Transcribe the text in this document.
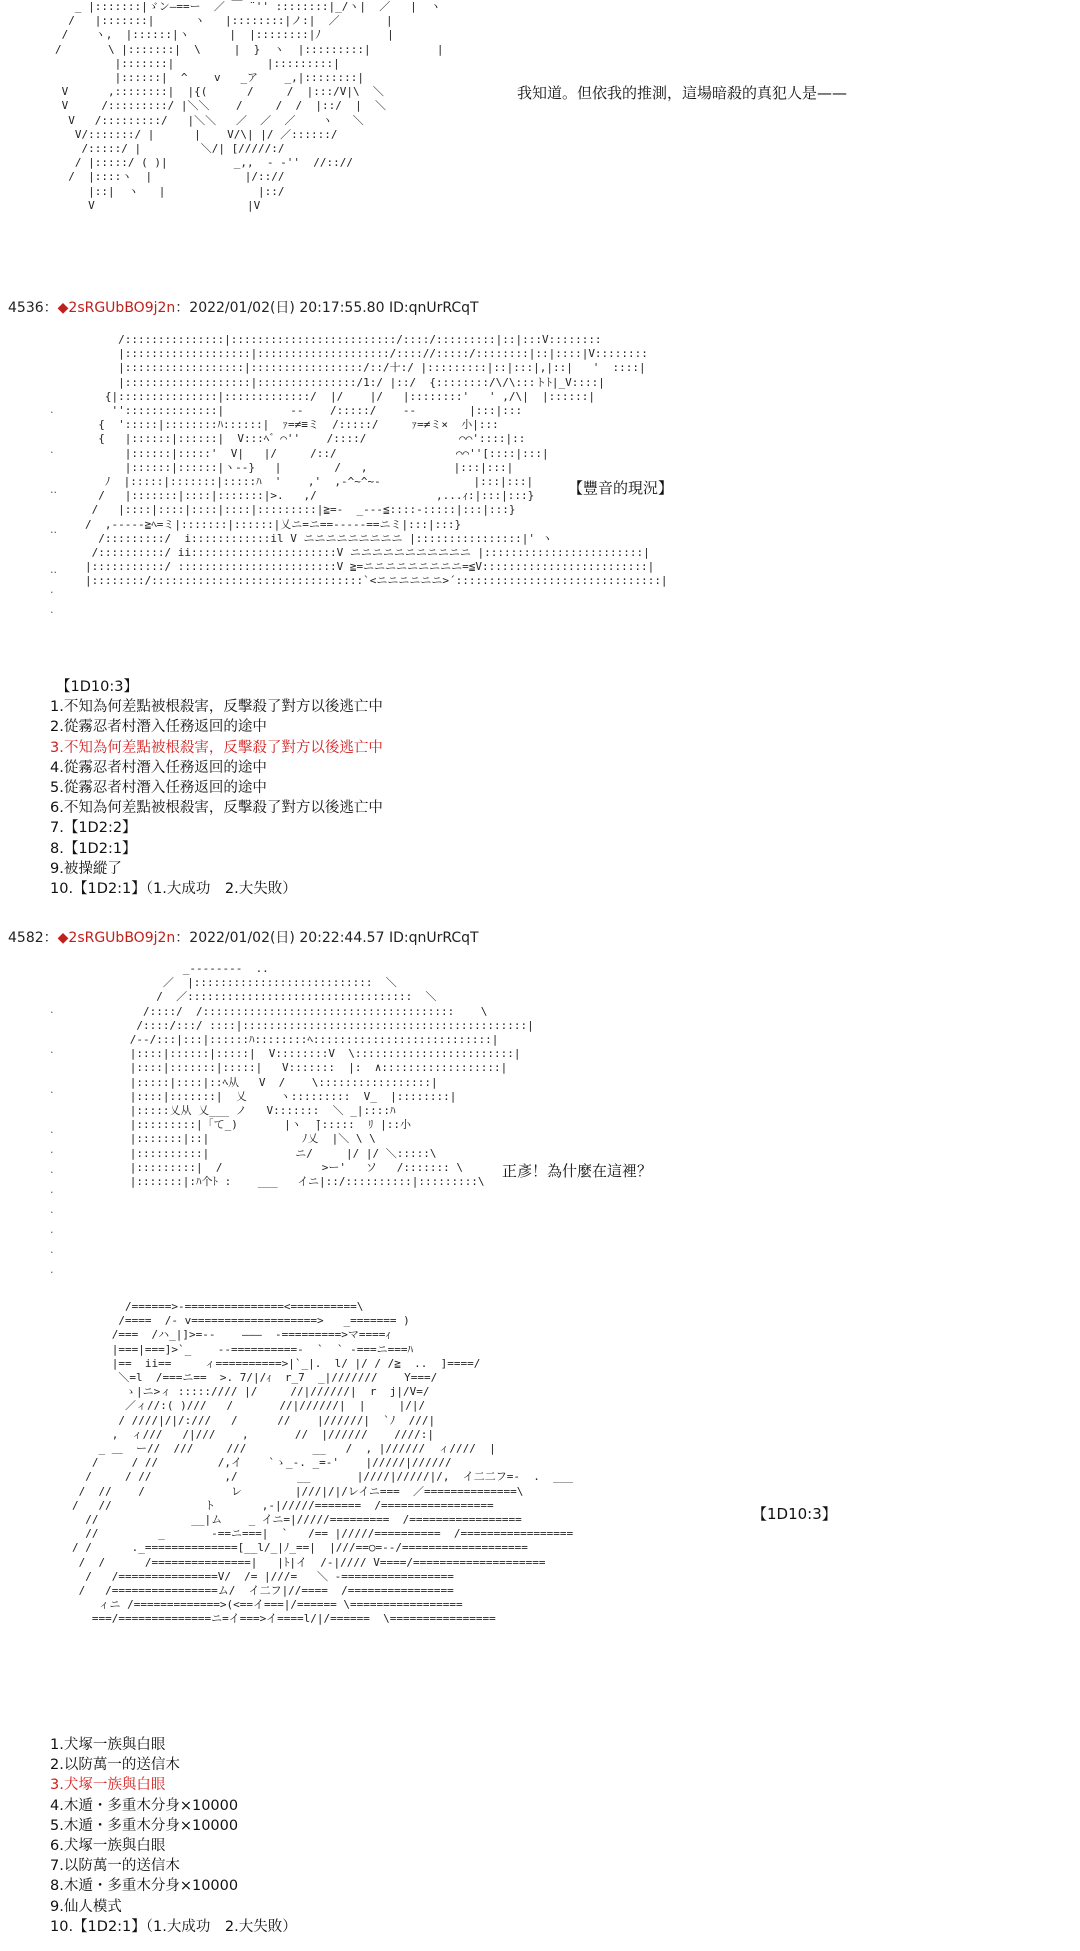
_ |:::::::|ゞン―==ー  ／ ￣ ¨'' ::::::::|_/ヽ|  ／   |  ヽ
/   |:::::::|      ヽ   |::::::::|ノ:|  ／       |
/    ヽ,  |::::::|ヽ      |  |::::::::|ﾉ          |
/       \ |:::::::|  \     |  }  ヽ  |:::::::::|          |
|:::::::|              |:::::::::|
|::::::|  ^    v   _ア    _,|::::::::|
V      ,::::::::|  |{(      /     /  |:::/V|\  ＼
V     /:::::::::/ |＼＼    /     /  /  |::/  |  ＼
V   /:::::::::/   |＼＼   ／  ／  ／    ヽ   ＼
V/:::::::/ |      |    V/\| |/ ／::::::/
/:::::/ |         ＼/| [/////:/
/ |:::::/ ( )|          _,,  - -''  //:://
/  |::::ヽ  |              |/:://
|::|  ヽ   |              |::/
V                       |V
我知道。但依我的推測，這場暗殺的真犯人是——
4536：◆2sRGUbBO9j2n：2022/01/02(日) 20:17:55.80 ID:qnUrRCqT
.

.

..

..

..
.
.
/:::::::::::::::|:::::::::::::::::::::::::/::::/:::::::::|::|:::V::::::::
|:::::::::::::::::::|::::::::::::::::::::/:::://:::::/::::::::|::|::::|V::::::::
|::::::::::::::::::|:::::::::::::::::/::/十:/ |:::::::::|::|:::|,|::|   '  ::::|
|:::::::::::::::::::|:::::::::::::::/1:/ |::/  {::::::::/\/\:::トﾄ|_V::::|
{|:::::::::::::::|:::::::::::::/  |/    |/   |::::::::'   ' ,/\|  |::::::|
''::::::::::::::|          --    /:::::/    --        |:::|:::
{  ':::::|::::::::ﾊ::::::|  ｧ=≠≡ミ  /:::::/     ｧ=≠ミ×  小|:::
{   |::::::|::::::|  V:::ﾍ゛⌒''    /::::/              ⌒⌒'::::|::
|::::::|:::::'  V|   |/     /::/                  ⌒⌒''[::::|:::|
|::::::|::::::|ヽ--}   |        /   ,             |:::|:::|
ﾉ  |:::::|:::::::|:::::ﾊ  '    ,'  ,-^~^~-              |:::|:::|
/   |:::::::|::::|:::::::|>.   ,/                  ,...ｨ:|:::|:::}
/   |::::|::::|::::|::::|:::::::::|≧=-  _---≦::::-:::::|:::|:::}
/  ,-----≧ﾍ=ミ|:::::::|::::::|乂ニ=ニ==-----==ニミ|:::|:::}
/:::::::::/  i::::::::::::il V ニニニニニニニニニ |::::::::::::::::|' ヽ
/::::::::::/ ii::::::::::::::::::::::V ニニニニニニニニニニニ |::::::::::::::::::::::::|
|:::::::::::/ ::::::::::::::::::::::::V ≧=ニニニニニニニニニ=≦V:::::::::::::::::::::::::|
|::::::::/::::::::::::::::::::::::::::::::`<ニニニニニニ>´:::::::::::::::::::::::::::::::|
【豐音的現況】
【1D10:3】
1.不知為何差點被根殺害，反擊殺了對方以後逃亡中
2.從霧忍者村潛入任務返回的途中
3.不知為何差點被根殺害，反擊殺了對方以後逃亡中
4.從霧忍者村潛入任務返回的途中
5.從霧忍者村潛入任務返回的途中
6.不知為何差點被根殺害，反擊殺了對方以後逃亡中
7.【1D2:2】
8.【1D2:1】
9.被操縱了
10.【1D2:1】（1.大成功　2.大失敗）
4582：◆2sRGUbBO9j2n：2022/01/02(日) 20:22:44.57 ID:qnUrRCqT
.

.

.

.
.
.
.
.
.
.
.
_--------  ..
／  |:::::::::::::::::::::::::::  ＼
/  ／::::::::::::::::::::::::::::::::::  ＼
/::::/  /::::::::::::::::::::::::::::::::::::::    \
/::::/:::/ ::::|:::::::::::::::::::::::::::::::::::::::::::|
/--/:::|:::|::::::ﾊ::::::::ﾍ:::::::::::::::::::::::::::|
|::::|::::::|:::::|  V::::::::V  \::::::::::::::::::::::::|
|::::|:::::::|:::::|   V:::::::  |:  ∧::::::::::::::::::|
|:::::|::::|::ﾍ从   V  /    \:::::::::::::::::|
|::::|:::::::|  乂     ヽ:::::::::  V_  |::::::::|
|:::::乂从 乂___ ノ   V:::::::  ＼ _|::::ﾊ
|:::::::::|「て_)       |ヽ  ̄|:::::  ﾘ |::小
|:::::::|::|              ﾉ乂  |＼ \ \
|::::::::::|             ニ/     |/ |/ ＼:::::\
|:::::::::|  /               >ー'   ソ   /::::::: \
|:::::::|:ﾊ个ﾄ :    ___   イニ|::/::::::::::|:::::::::\
正彥！為什麼在這裡？
/======>-===============<==========\
/====  /- v===================>   _======= )
/===  /ハ_|]>=--    ―――  -=========>マ====ｨ
|===|===]>`_    --==========-  `  ` -===ニ===ﾊ
|==  ii==     ィ==========>|`_|.  l/ |/ / /≧  ..  ]====/
＼=l  /===ニ==  >. 7/|/ｨ  r_7  _|///////    Y===/
ゝ|ニ>ィ ::::://// |/     //|//////|  r  j|/V=/
／ィ//:( )///   /       //|//////|  |     |/|/
/ ////|/|/:///   /      //    |//////|  `ﾉ  ///|
,  ィ///   /|///    ,       //  |//////    ////:|
_ ＿  ー//  ///     ///          __   /  , |//////  ィ////  |
/     / //         /,イ    `ゝ_-. _=-'    |/////|//////
/     / //           ,/         __       |////|/////|/,  イ二二フ=-  .  ___
/  //    /             レ        |///|/|/レイニ===  ／==============\
/   //              ト       ,-|/////=======  /=================
//              __|ム    _ イニ=|/////=========  /=================
//         _       -==ニ===|  `   /== |/////==========  /=================
/ /      ._==============[__l/_|ﾉ_==|  |///==○=--/===================
/  /      /===============|   |ﾄ|イ  /-|//// V====/====================
/   /===============V/  /= |///=   ＼ -=================
/   /================ム/  イ二フ|//====  /================
ィニ /=============>(<==イ===|/====== \=================
===/==============ニ=イ===>イ====l/|/======  \================
【1D10:3】
1.犬塚一族與白眼
2.以防萬一的送信木
3.犬塚一族與白眼
4.木遁・多重木分身×10000
5.木遁・多重木分身×10000
6.犬塚一族與白眼
7.以防萬一的送信木
8.木遁・多重木分身×10000
9.仙人模式
10.【1D2:1】（1.大成功　2.大失敗）
